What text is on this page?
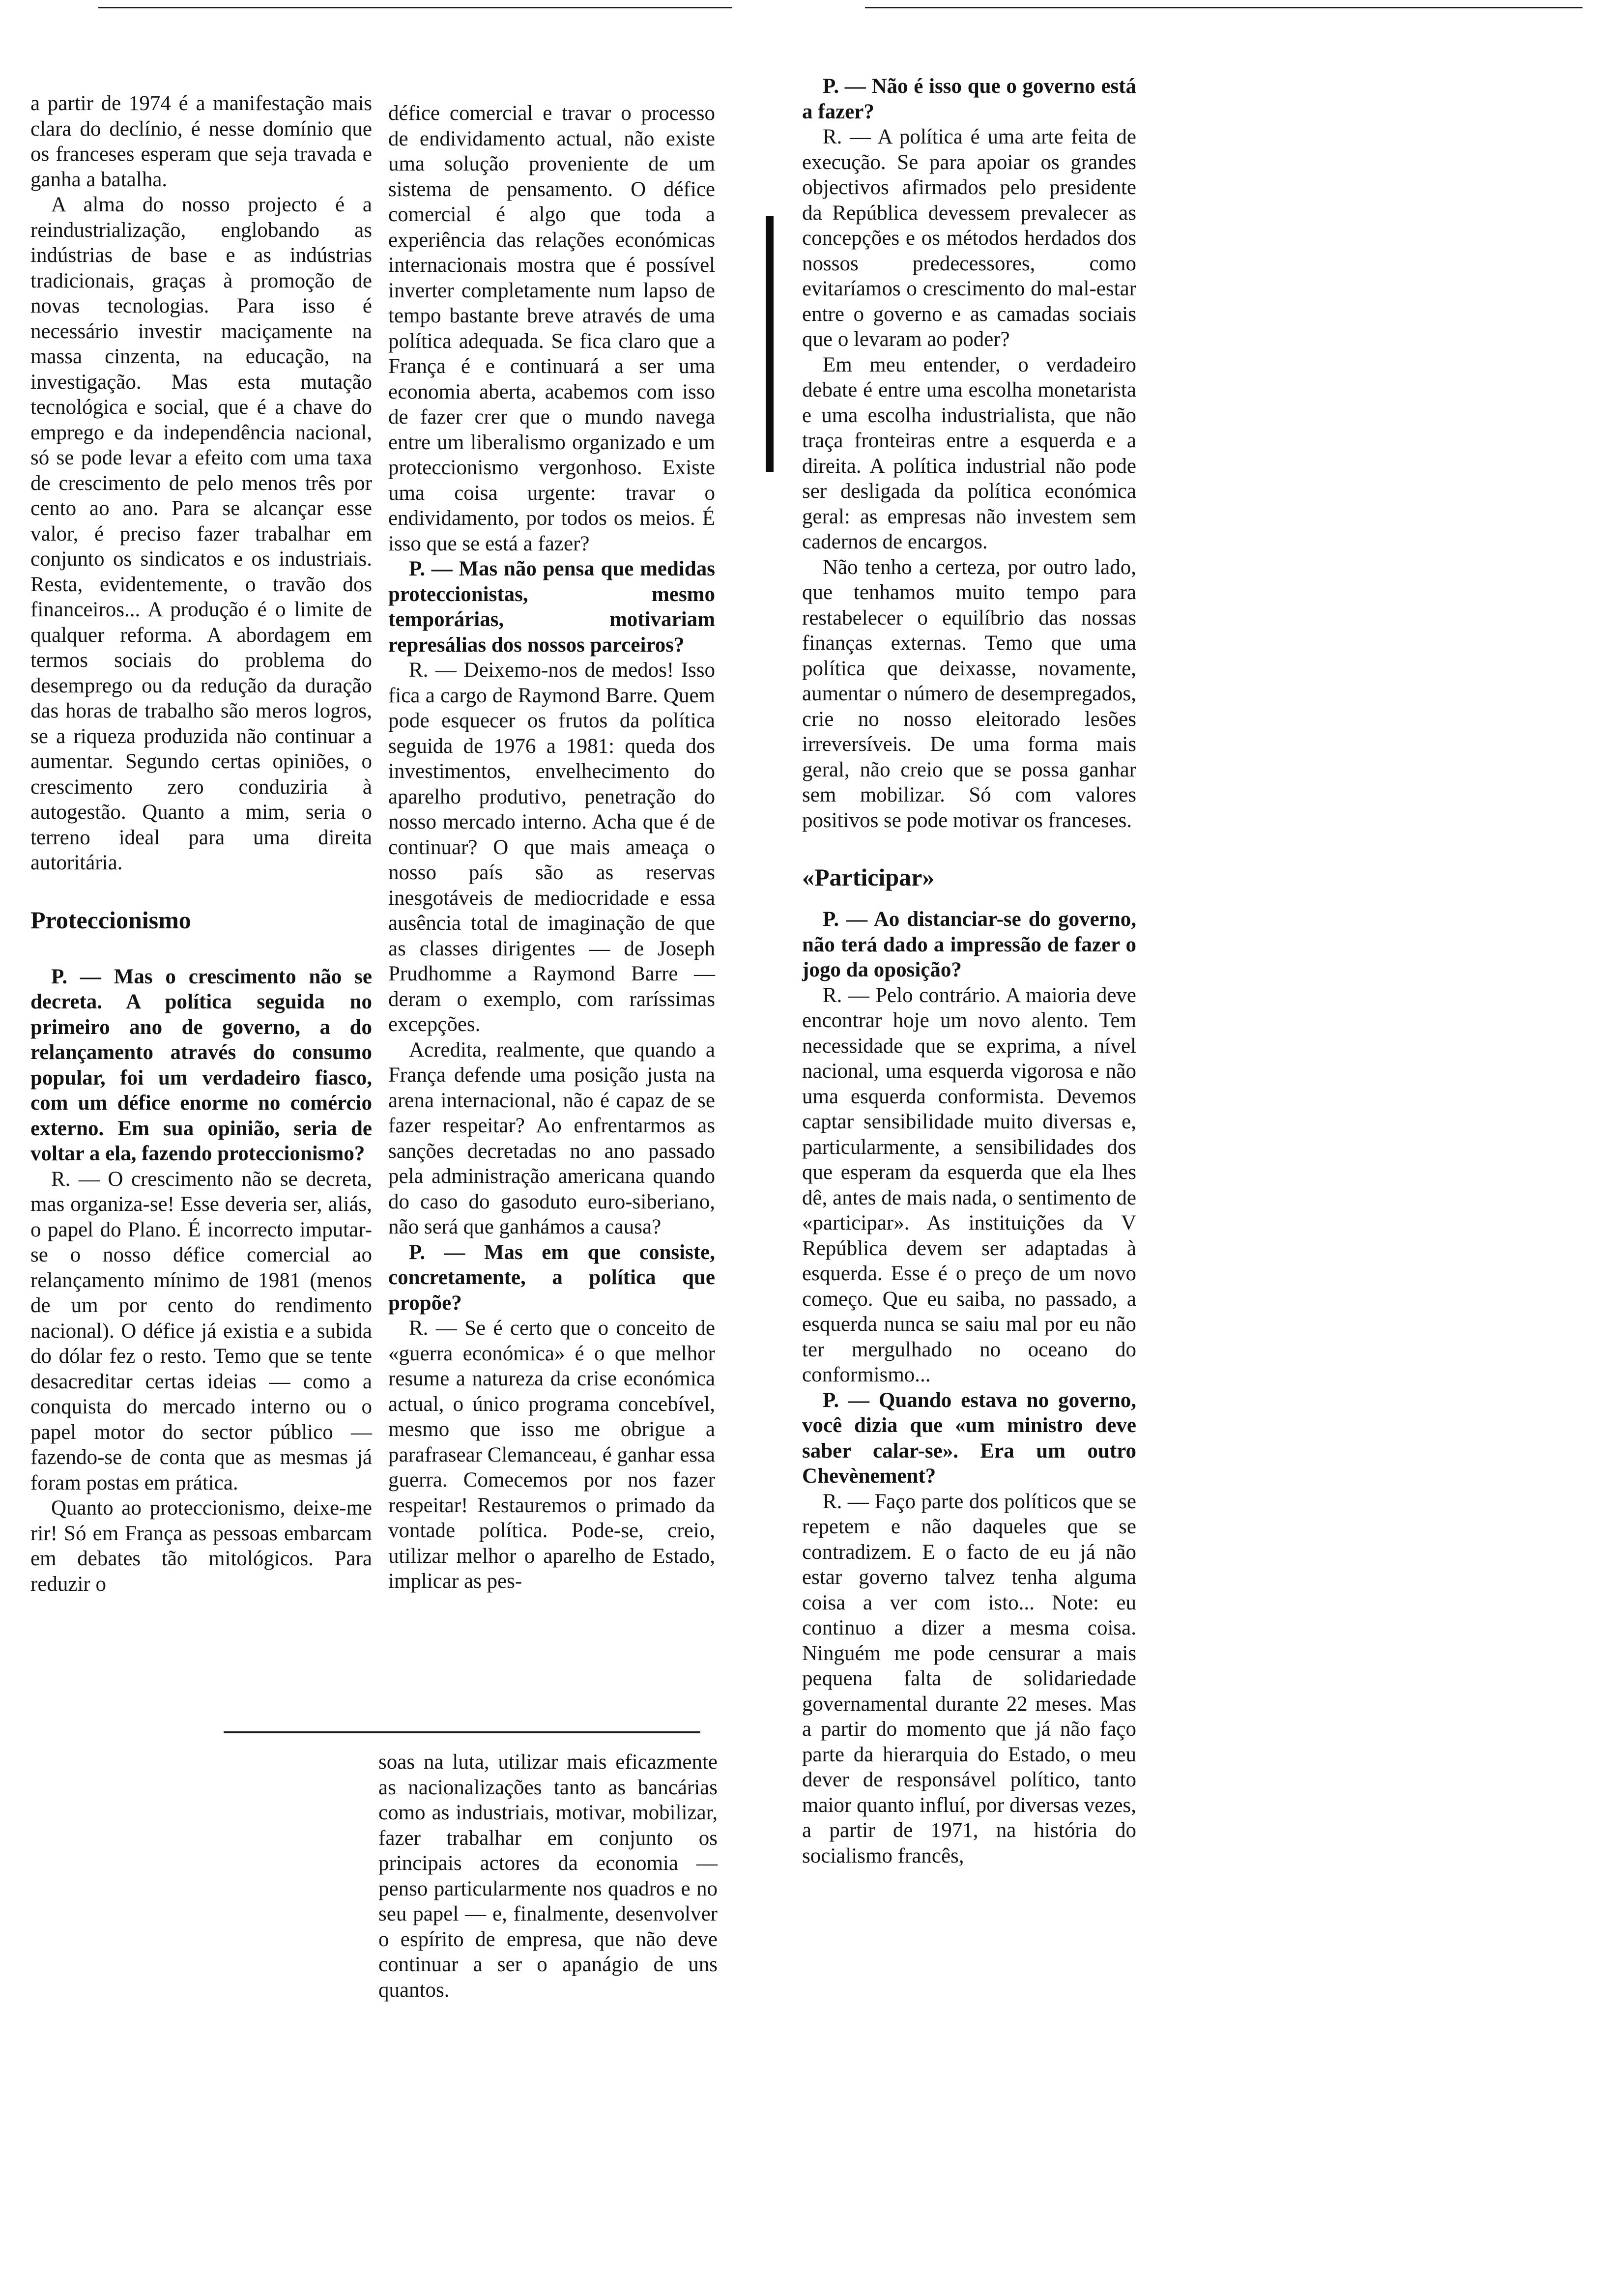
a partir de 1974 é a manifestação mais clara do declínio, é nesse domínio que os franceses esperam que seja travada e ganha a batalha.

A alma do nosso projecto é a reindustrialização, englobando as indústrias de base e as indústrias tradicionais, graças à promoção de novas tecnologias. Para isso é necessário investir maciçamente na massa cinzenta, na educação, na investigação. Mas esta mutação tecnológica e social, que é a chave do emprego e da independência nacional, só se pode levar a efeito com uma taxa de crescimento de pelo menos três por cento ao ano. Para se alcançar esse valor, é preciso fazer trabalhar em conjunto os sindicatos e os industriais. Resta, evidentemente, o travão dos financeiros... A produção é o limite de qualquer reforma. A abordagem em termos sociais do problema do desemprego ou da redução da duração das horas de trabalho são meros logros, se a riqueza produzida não continuar a aumentar. Segundo certas opiniões, o crescimento zero conduziria à autogestão. Quanto a mim, seria o terreno ideal para uma direita autoritária.

Proteccionismo

P. — Mas o crescimento não se decreta. A política seguida no primeiro ano de governo, a do relançamento através do consumo popular, foi um verdadeiro fiasco, com um défice enorme no comércio externo. Em sua opinião, seria de voltar a ela, fazendo proteccionismo?

R. — O crescimento não se decreta, mas organiza-se! Esse deveria ser, aliás, o papel do Plano. É incorrecto imputar-se o nosso défice comercial ao relançamento mínimo de 1981 (menos de um por cento do rendimento nacional). O défice já existia e a subida do dólar fez o resto. Temo que se tente desacreditar certas ideias — como a conquista do mercado interno ou o papel motor do sector público — fazendo-se de conta que as mesmas já foram postas em prática.

Quanto ao proteccionismo, deixe-me rir! Só em França as pessoas embarcam em debates tão mitológicos. Para reduzir o

défice comercial e travar o processo de endividamento actual, não existe uma solução proveniente de um sistema de pensamento. O défice comercial é algo que toda a experiência das relações económicas internacionais mostra que é possível inverter completamente num lapso de tempo bastante breve através de uma política adequada. Se fica claro que a França é e continuará a ser uma economia aberta, acabemos com isso de fazer crer que o mundo navega entre um liberalismo organizado e um proteccionismo vergonhoso. Existe uma coisa urgente: travar o endividamento, por todos os meios. É isso que se está a fazer?

P. — Mas não pensa que medidas proteccionistas, mesmo temporárias, motivariam represálias dos nossos parceiros?

R. — Deixemo-nos de medos! Isso fica a cargo de Raymond Barre. Quem pode esquecer os frutos da política seguida de 1976 a 1981: queda dos investimentos, envelhecimento do aparelho produtivo, penetração do nosso mercado interno. Acha que é de continuar? O que mais ameaça o nosso país são as reservas inesgotáveis de mediocridade e essa ausência total de imaginação de que as classes dirigentes — de Joseph Prudhomme a Raymond Barre — deram o exemplo, com raríssimas excepções.

Acredita, realmente, que quando a França defende uma posição justa na arena internacional, não é capaz de se fazer respeitar? Ao enfrentarmos as sanções decretadas no ano passado pela administração americana quando do caso do gasoduto euro-siberiano, não será que ganhámos a causa?

P. — Mas em que consiste, concretamente, a política que propõe?

R. — Se é certo que o conceito de «guerra económica» é o que melhor resume a natureza da crise económica actual, o único programa concebível, mesmo que isso me obrigue a parafrasear Clemanceau, é ganhar essa guerra. Comecemos por nos fazer respeitar! Restauremos o primado da vontade política. Pode-se, creio, utilizar melhor o aparelho de Estado, implicar as pes-

P. — Não é isso que o governo está a fazer?

R. — A política é uma arte feita de execução. Se para apoiar os grandes objectivos afirmados pelo presidente da República devessem prevalecer as concepções e os métodos herdados dos nossos predecessores, como evitaríamos o crescimento do mal-estar entre o governo e as camadas sociais que o levaram ao poder?

Em meu entender, o verdadeiro debate é entre uma escolha monetarista e uma escolha industrialista, que não traça fronteiras entre a esquerda e a direita. A política industrial não pode ser desligada da política económica geral: as empresas não investem sem cadernos de encargos.

Não tenho a certeza, por outro lado, que tenhamos muito tempo para restabelecer o equilíbrio das nossas finanças externas. Temo que uma política que deixasse, novamente, aumentar o número de desempregados, crie no nosso eleitorado lesões irreversíveis. De uma forma mais geral, não creio que se possa ganhar sem mobilizar. Só com valores positivos se pode motivar os franceses.

«Participar»

P. — Ao distanciar-se do governo, não terá dado a impressão de fazer o jogo da oposição?

R. — Pelo contrário. A maioria deve encontrar hoje um novo alento. Tem necessidade que se exprima, a nível nacional, uma esquerda vigorosa e não uma esquerda conformista. Devemos captar sensibilidade muito diversas e, particularmente, a sensibilidades dos que esperam da esquerda que ela lhes dê, antes de mais nada, o sentimento de «participar». As instituições da V República devem ser adaptadas à esquerda. Esse é o preço de um novo começo. Que eu saiba, no passado, a esquerda nunca se saiu mal por eu não ter mergulhado no oceano do conformismo...

P. — Quando estava no governo, você dizia que «um ministro deve saber calar-se». Era um outro Chevènement?

R. — Faço parte dos políticos que se repetem e não daqueles que se contradizem. E o facto de eu já não estar governo talvez tenha alguma coisa a ver com isto... Note: eu continuo a dizer a mesma coisa. Ninguém me pode censurar a mais pequena falta de solidariedade governamental durante 22 meses. Mas a partir do momento que já não faço parte da hierarquia do Estado, o meu dever de responsável político, tanto maior quanto influí, por diversas vezes, a partir de 1971, na história do socialismo francês,

soas na luta, utilizar mais eficazmente as nacionalizações tanto as bancárias como as industriais, motivar, mobilizar, fazer trabalhar em conjunto os principais actores da economia — penso particularmente nos quadros e no seu papel — e, finalmente, desenvolver o espírito de empresa, que não deve continuar a ser o apanágio de uns quantos.
